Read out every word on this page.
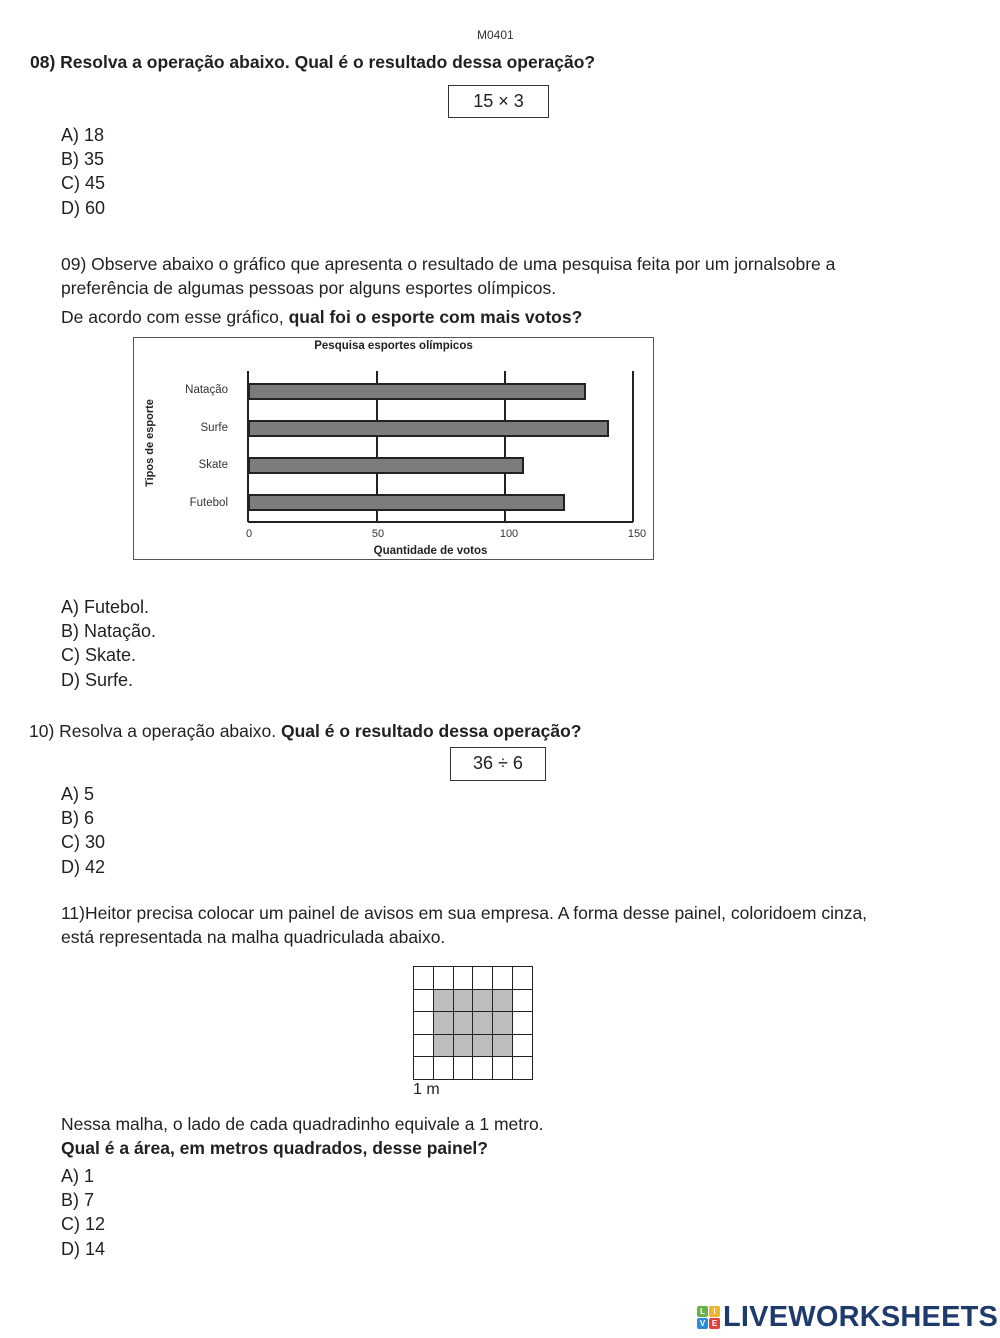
M0401
08) Resolva a operação abaixo. Qual é o resultado dessa operação?
15 × 3
A) 18
B) 35
C) 45
D) 60
09) Observe abaixo o gráfico que apresenta o resultado de uma pesquisa feita por um jornalsobre a
preferência de algumas pessoas por alguns esportes olímpicos.
De acordo com esse gráfico, qual foi o esporte com mais votos?
Pesquisa esportes olímpicos
Natação
Surfe
Skate
Futebol
0	50	100	150
Quantidade de votos
Tipos de esporte
A) Futebol.
B) Natação.
C) Skate.
D) Surfe.
10) Resolva a operação abaixo. Qual é o resultado dessa operação?
36 ÷ 6
A) 5
B) 6
C) 30
D) 42
11)Heitor precisa colocar um painel de avisos em sua empresa. A forma desse painel, coloridoem cinza,
está representada na malha quadriculada abaixo.
1 m
Nessa malha, o lado de cada quadradinho equivale a 1 metro.
Qual é a área, em metros quadrados, desse painel?
A) 1
B) 7
C) 12
D) 14
L	I
V E LIVEWORKSHEETS
